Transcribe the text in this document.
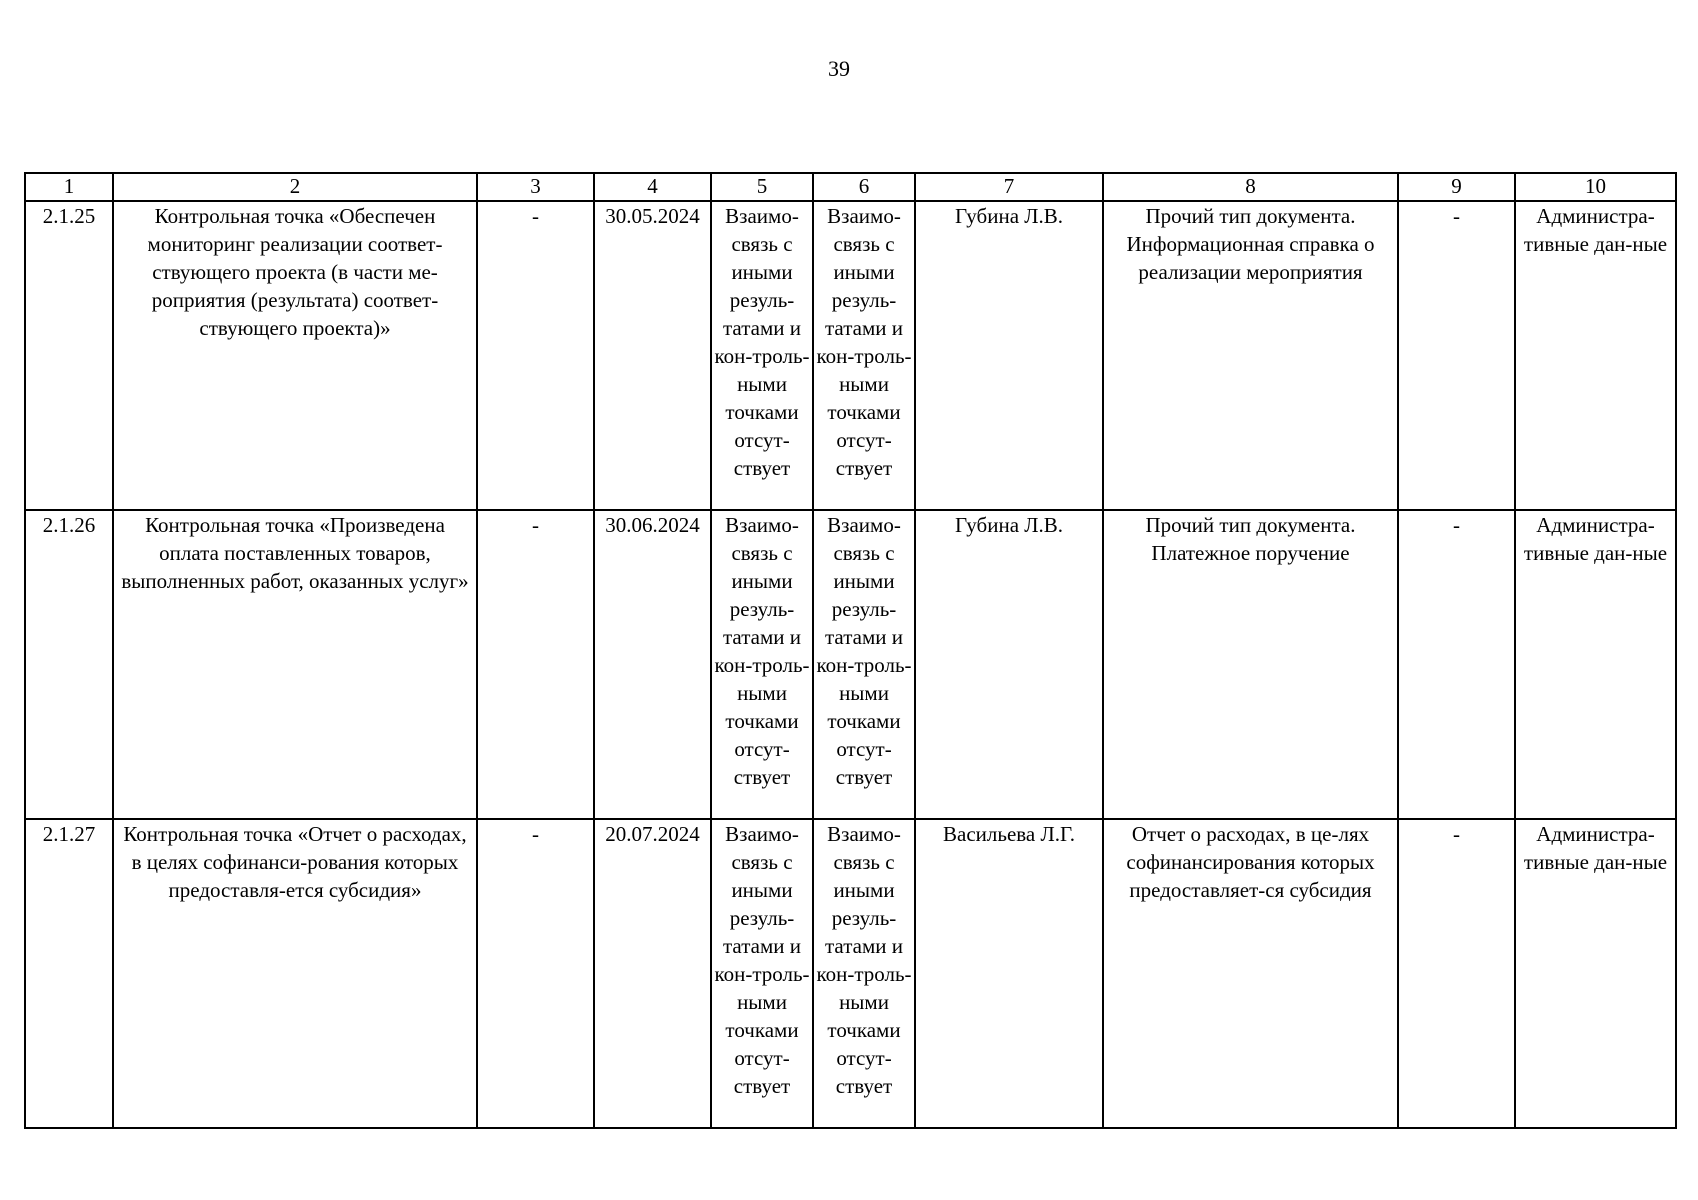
39
1	2	3	4	5	6	7	8	9	10
2.1.25	Контрольная точка «Обеспечен мониторинг реализации соответ-ствующего проекта (в части ме-роприятия (результата) соответ-ствующего проекта)»	-	30.05.2024	Взаимо-связь с иными резуль-татами и кон-троль-ными точками отсут-ствует	Взаимо-связь с иными резуль-татами и кон-троль-ными точками отсут-ствует	Губина Л.В.	Прочий тип документа. Информационная справка о реализации мероприятия	-	Администра-тивные дан-ные
2.1.26	Контрольная точка «Произведена оплата поставленных товаров, выполненных работ, оказанных услуг»	-	30.06.2024	Взаимо-связь с иными резуль-татами и кон-троль-ными точками отсут-ствует	Взаимо-связь с иными резуль-татами и кон-троль-ными точками отсут-ствует	Губина Л.В.	Прочий тип документа. Платежное поручение	-	Администра-тивные дан-ные
2.1.27	Контрольная точка «Отчет о расходах, в целях софинанси-рования которых предоставля-ется субсидия»	-	20.07.2024	Взаимо-связь с иными резуль-татами и кон-троль-ными точками отсут-ствует	Взаимо-связь с иными резуль-татами и кон-троль-ными точками отсут-ствует	Васильева Л.Г.	Отчет о расходах, в це-лях софинансирования которых предоставляет-ся субсидия	-	Администра-тивные дан-ные
